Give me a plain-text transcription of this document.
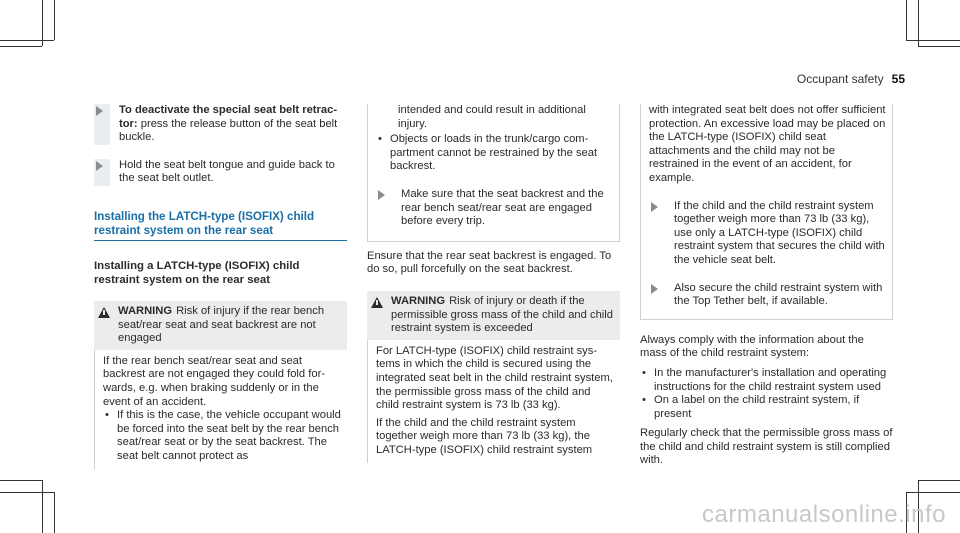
Occupant safety 55
To deactivate the special seat belt retractor: press the release button of the seat belt buckle.
Hold the seat belt tongue and guide back to the seat belt outlet.
Installing the LATCH-type (ISOFIX) child restraint system on the rear seat
Installing a LATCH-type (ISOFIX) child restraint system on the rear seat
WARNING Risk of injury if the rear bench seat/rear seat and seat backrest are not engaged
If the rear bench seat/rear seat and seat backrest are not engaged they could fold forwards, e.g. when braking suddenly or in the event of an accident.
• If this is the case, the vehicle occupant would be forced into the seat belt by the rear bench seat/rear seat or by the seat backrest. The seat belt cannot protect as
intended and could result in additional injury.
• Objects or loads in the trunk/cargo compartment cannot be restrained by the seat backrest.
Make sure that the seat backrest and the rear bench seat/rear seat are engaged before every trip.
Ensure that the rear seat backrest is engaged. To do so, pull forcefully on the seat backrest.
WARNING Risk of injury or death if the permissible gross mass of the child and child restraint system is exceeded
For LATCH-type (ISOFIX) child restraint systems in which the child is secured using the integrated seat belt in the child restraint system, the permissible gross mass of the child and child restraint system is 73 lb (33 kg).
If the child and the child restraint system together weigh more than 73 lb (33 kg), the LATCH-type (ISOFIX) child restraint system
with integrated seat belt does not offer sufficient protection. An excessive load may be placed on the LATCH-type (ISOFIX) child seat attachments and the child may not be restrained in the event of an accident, for example.
If the child and the child restraint system together weigh more than 73 lb (33 kg), use only a LATCH-type (ISOFIX) child restraint system that secures the child with the vehicle seat belt.
Also secure the child restraint system with the Top Tether belt, if available.
Always comply with the information about the mass of the child restraint system:
• In the manufacturer's installation and operating instructions for the child restraint system used
• On a label on the child restraint system, if present
Regularly check that the permissible gross mass of the child and child restraint system is still complied with.
carmanualsonline.info
